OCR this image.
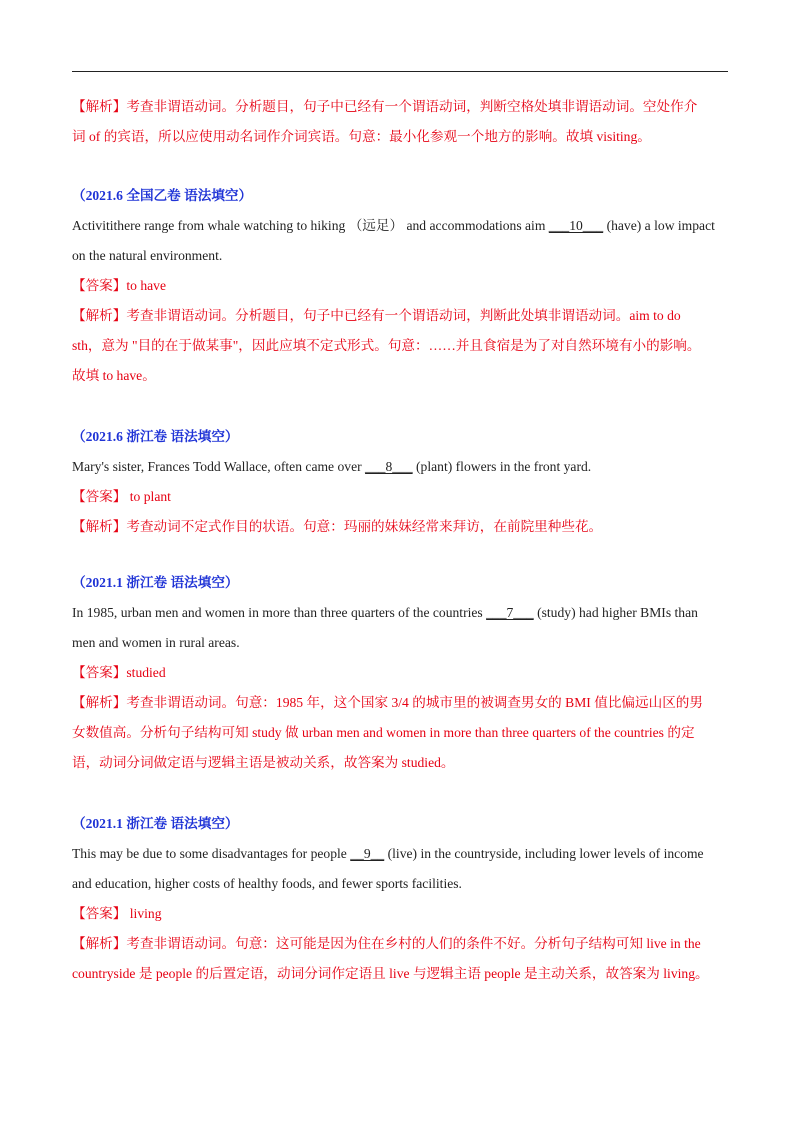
【解析】考查非谓语动词。分析题目，句子中已经有一个谓语动词，判断空格处填非谓语动词。空处作介
词 of 的宾语，所以应使用动名词作介词宾语。句意：最小化参观一个地方的影响。故填 visiting。
（2021.6 全国乙卷 语法填空）
Activitithere range from whale watching to hiking （远足） and accommodations aim ___10___ (have) a low impact
on the natural environment.
【答案】to have
【解析】考查非谓语动词。分析题目，句子中已经有一个谓语动词，判断此处填非谓语动词。aim to do
sth，意为 "目的在于做某事"，因此应填不定式形式。句意：……并且食宿是为了对自然环境有小的影响。
故填 to have。
（2021.6 浙江卷 语法填空）
Mary's sister, Frances Todd Wallace, often came over ___8___ (plant) flowers in the front yard.
【答案】 to plant
【解析】考查动词不定式作目的状语。句意：玛丽的妹妹经常来拜访，在前院里种些花。
（2021.1 浙江卷 语法填空）
In 1985, urban men and women in more than three quarters of the countries ___7___ (study) had higher BMIs than
men and women in rural areas.
【答案】studied
【解析】考查非谓语动词。句意：1985 年，这个国家 3/4 的城市里的被调查男女的 BMI 值比偏远山区的男
女数值高。分析句子结构可知 study 做 urban men and women in more than three quarters of the countries 的定
语，动词分词做定语与逻辑主语是被动关系，故答案为 studied。
（2021.1 浙江卷 语法填空）
This may be due to some disadvantages for people __9__ (live) in the countryside, including lower levels of income
and education, higher costs of healthy foods, and fewer sports facilities.
【答案】 living
【解析】考查非谓语动词。句意：这可能是因为住在乡村的人们的条件不好。分析句子结构可知 live in the
countryside 是 people 的后置定语，动词分词作定语且 live 与逻辑主语 people 是主动关系，故答案为 living。
